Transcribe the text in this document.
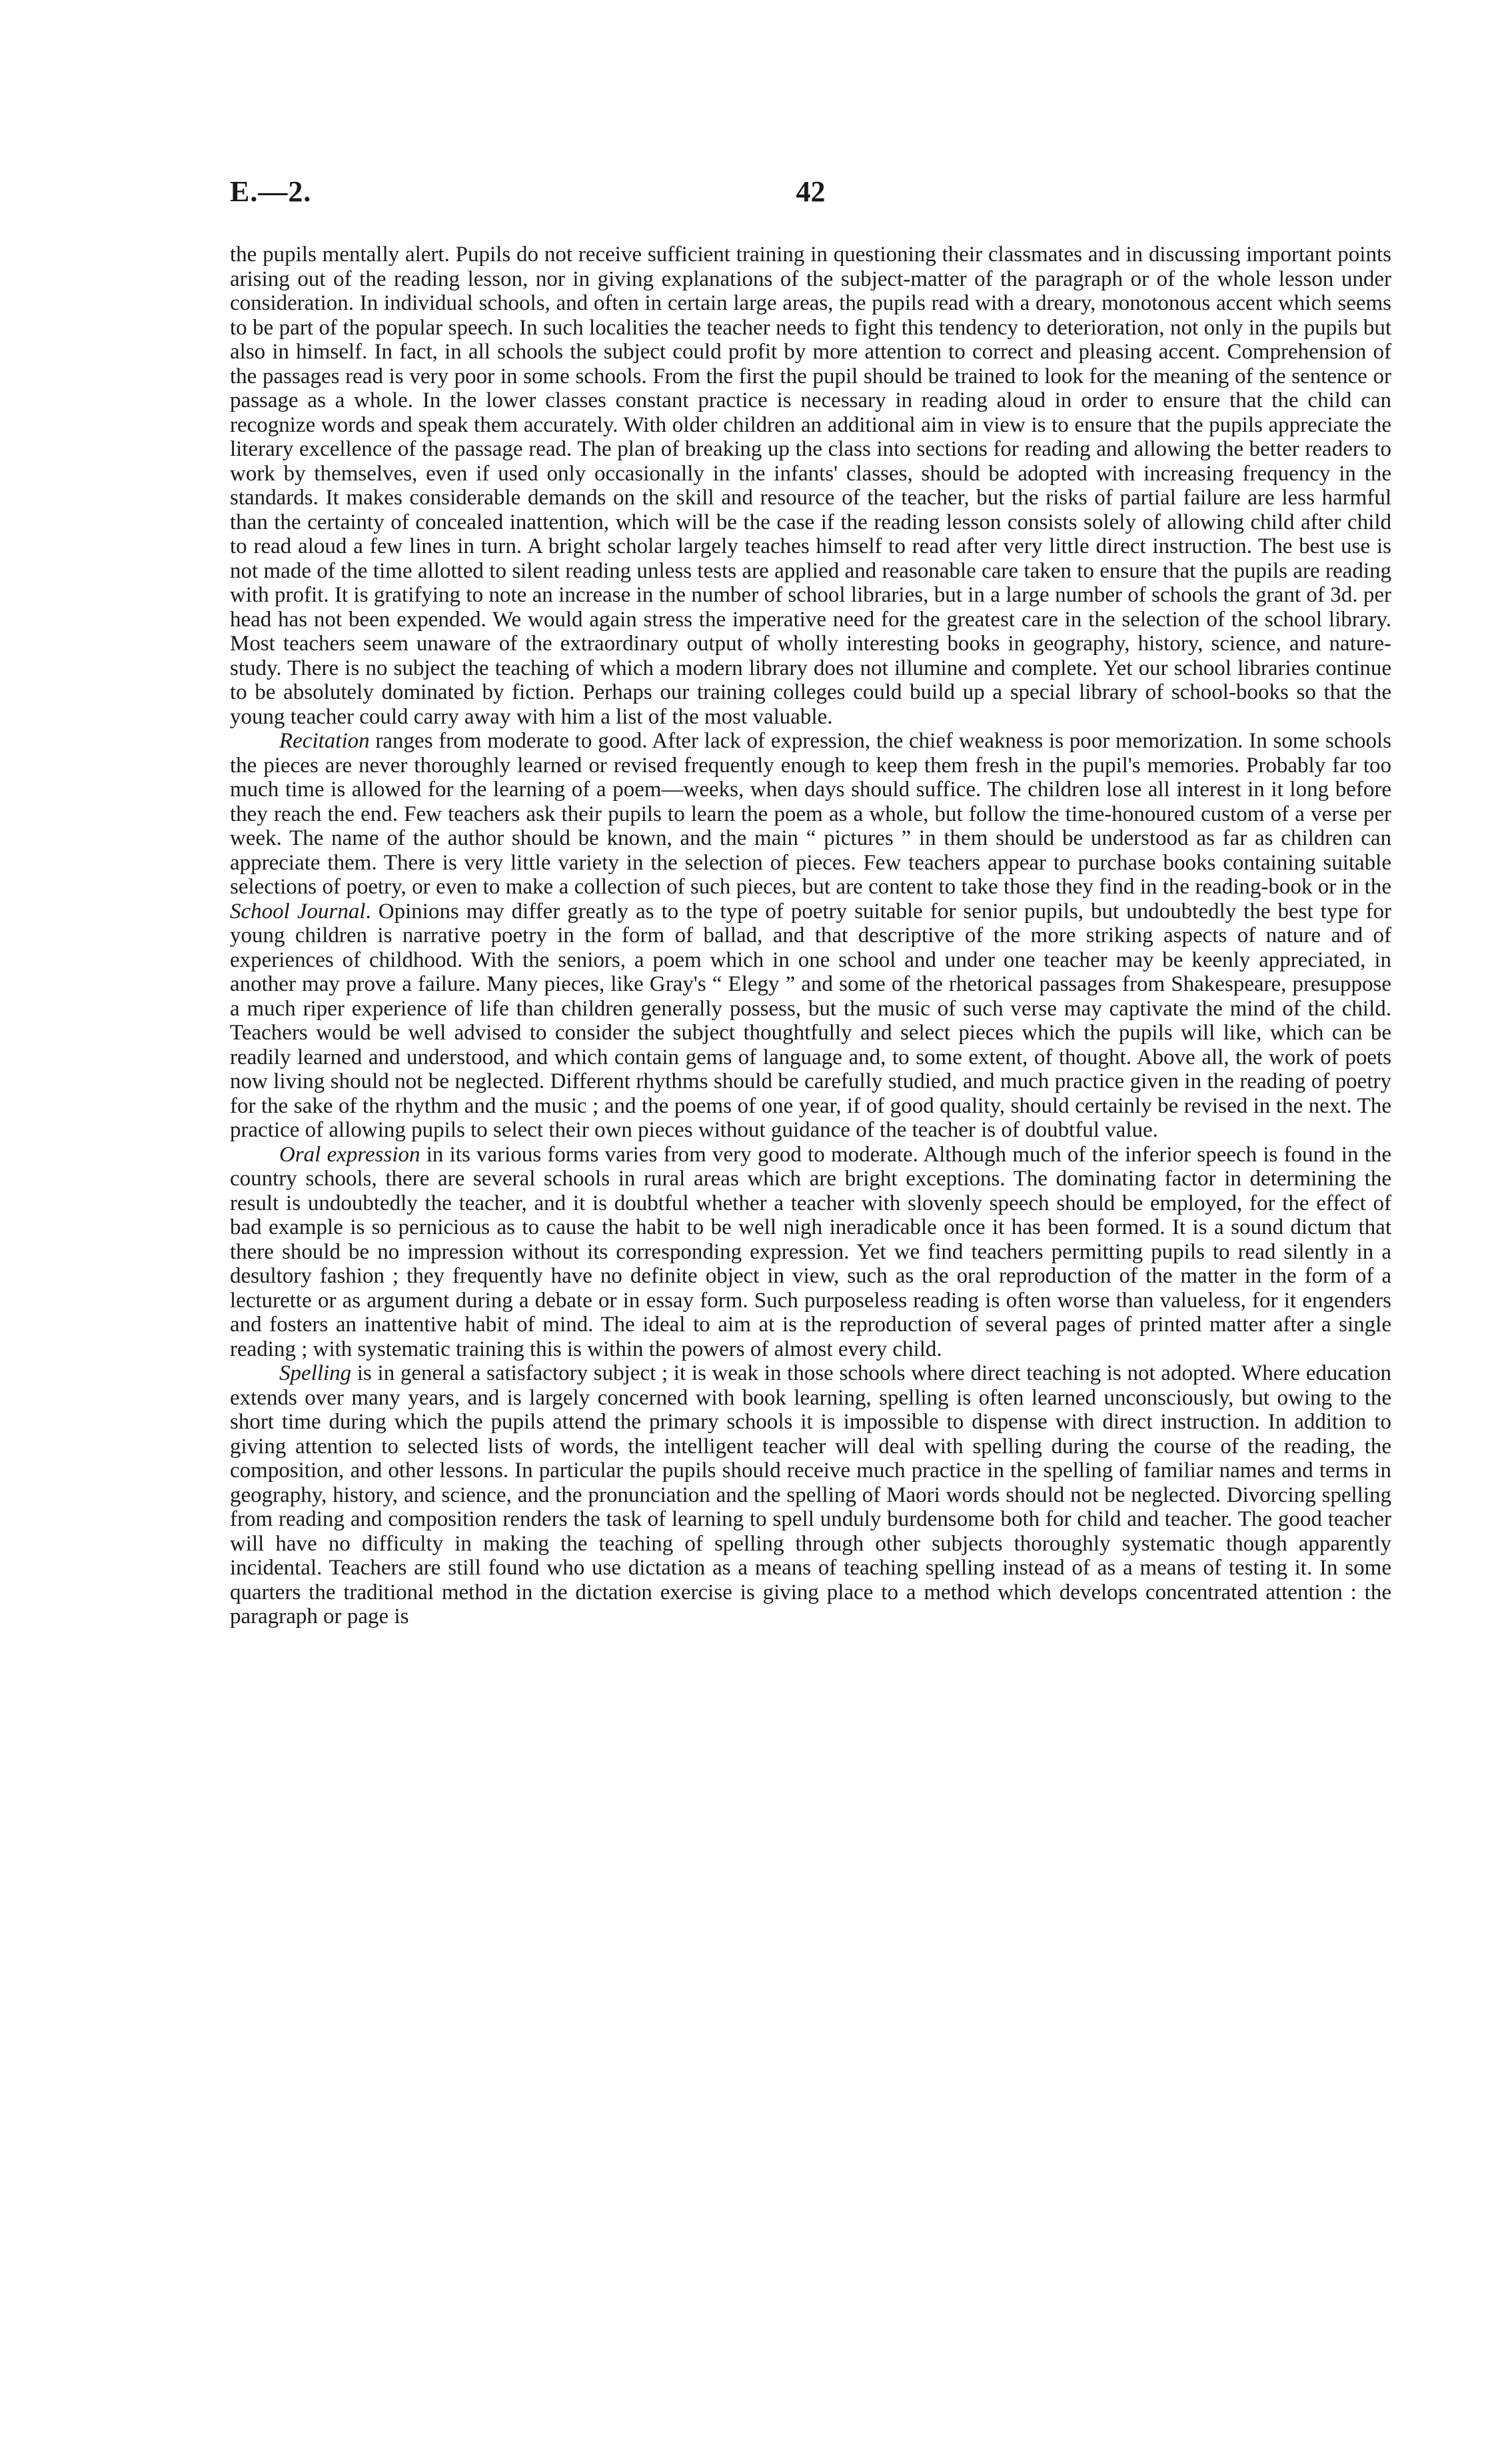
E.—2.	42

the pupils mentally alert. Pupils do not receive sufficient training in questioning their classmates and in discussing important points arising out of the reading lesson, nor in giving explanations of the subject-matter of the paragraph or of the whole lesson under consideration. In individual schools, and often in certain large areas, the pupils read with a dreary, monotonous accent which seems to be part of the popular speech. In such localities the teacher needs to fight this tendency to deterioration, not only in the pupils but also in himself. In fact, in all schools the subject could profit by more attention to correct and pleasing accent. Comprehension of the passages read is very poor in some schools. From the first the pupil should be trained to look for the meaning of the sentence or passage as a whole. In the lower classes constant practice is necessary in reading aloud in order to ensure that the child can recognize words and speak them accurately. With older children an additional aim in view is to ensure that the pupils appreciate the literary excellence of the passage read. The plan of breaking up the class into sections for reading and allowing the better readers to work by themselves, even if used only occasionally in the infants' classes, should be adopted with increasing frequency in the standards. It makes considerable demands on the skill and resource of the teacher, but the risks of partial failure are less harmful than the certainty of concealed inattention, which will be the case if the reading lesson consists solely of allowing child after child to read aloud a few lines in turn. A bright scholar largely teaches himself to read after very little direct instruction. The best use is not made of the time allotted to silent reading unless tests are applied and reasonable care taken to ensure that the pupils are reading with profit. It is gratifying to note an increase in the number of school libraries, but in a large number of schools the grant of 3d. per head has not been expended. We would again stress the imperative need for the greatest care in the selection of the school library. Most teachers seem unaware of the extraordinary output of wholly interesting books in geography, history, science, and nature-study. There is no subject the teaching of which a modern library does not illumine and complete. Yet our school libraries continue to be absolutely dominated by fiction. Perhaps our training colleges could build up a special library of school-books so that the young teacher could carry away with him a list of the most valuable.

Recitation ranges from moderate to good. After lack of expression, the chief weakness is poor memorization. In some schools the pieces are never thoroughly learned or revised frequently enough to keep them fresh in the pupil's memories. Probably far too much time is allowed for the learning of a poem—weeks, when days should suffice. The children lose all interest in it long before they reach the end. Few teachers ask their pupils to learn the poem as a whole, but follow the time-honoured custom of a verse per week. The name of the author should be known, and the main “ pictures ” in them should be understood as far as children can appreciate them. There is very little variety in the selection of pieces. Few teachers appear to purchase books containing suitable selections of poetry, or even to make a collection of such pieces, but are content to take those they find in the reading-book or in the School Journal. Opinions may differ greatly as to the type of poetry suitable for senior pupils, but undoubtedly the best type for young children is narrative poetry in the form of ballad, and that descriptive of the more striking aspects of nature and of experiences of childhood. With the seniors, a poem which in one school and under one teacher may be keenly appreciated, in another may prove a failure. Many pieces, like Gray's “ Elegy ” and some of the rhetorical passages from Shakespeare, presuppose a much riper experience of life than children generally possess, but the music of such verse may captivate the mind of the child. Teachers would be well advised to consider the subject thoughtfully and select pieces which the pupils will like, which can be readily learned and understood, and which contain gems of language and, to some extent, of thought. Above all, the work of poets now living should not be neglected. Different rhythms should be carefully studied, and much practice given in the reading of poetry for the sake of the rhythm and the music ; and the poems of one year, if of good quality, should certainly be revised in the next. The practice of allowing pupils to select their own pieces without guidance of the teacher is of doubtful value.

Oral expression in its various forms varies from very good to moderate. Although much of the inferior speech is found in the country schools, there are several schools in rural areas which are bright exceptions. The dominating factor in determining the result is undoubtedly the teacher, and it is doubtful whether a teacher with slovenly speech should be employed, for the effect of bad example is so pernicious as to cause the habit to be well nigh ineradicable once it has been formed. It is a sound dictum that there should be no impression without its corresponding expression. Yet we find teachers permitting pupils to read silently in a desultory fashion ; they frequently have no definite object in view, such as the oral reproduction of the matter in the form of a lecturette or as argument during a debate or in essay form. Such purposeless reading is often worse than valueless, for it engenders and fosters an inattentive habit of mind. The ideal to aim at is the reproduction of several pages of printed matter after a single reading ; with systematic training this is within the powers of almost every child.

Spelling is in general a satisfactory subject ; it is weak in those schools where direct teaching is not adopted. Where education extends over many years, and is largely concerned with book learning, spelling is often learned unconsciously, but owing to the short time during which the pupils attend the primary schools it is impossible to dispense with direct instruction. In addition to giving attention to selected lists of words, the intelligent teacher will deal with spelling during the course of the reading, the composition, and other lessons. In particular the pupils should receive much practice in the spelling of familiar names and terms in geography, history, and science, and the pronunciation and the spelling of Maori words should not be neglected. Divorcing spelling from reading and composition renders the task of learning to spell unduly burdensome both for child and teacher. The good teacher will have no difficulty in making the teaching of spelling through other subjects thoroughly systematic though apparently incidental. Teachers are still found who use dictation as a means of teaching spelling instead of as a means of testing it. In some quarters the traditional method in the dictation exercise is giving place to a method which develops concentrated attention : the paragraph or page is
